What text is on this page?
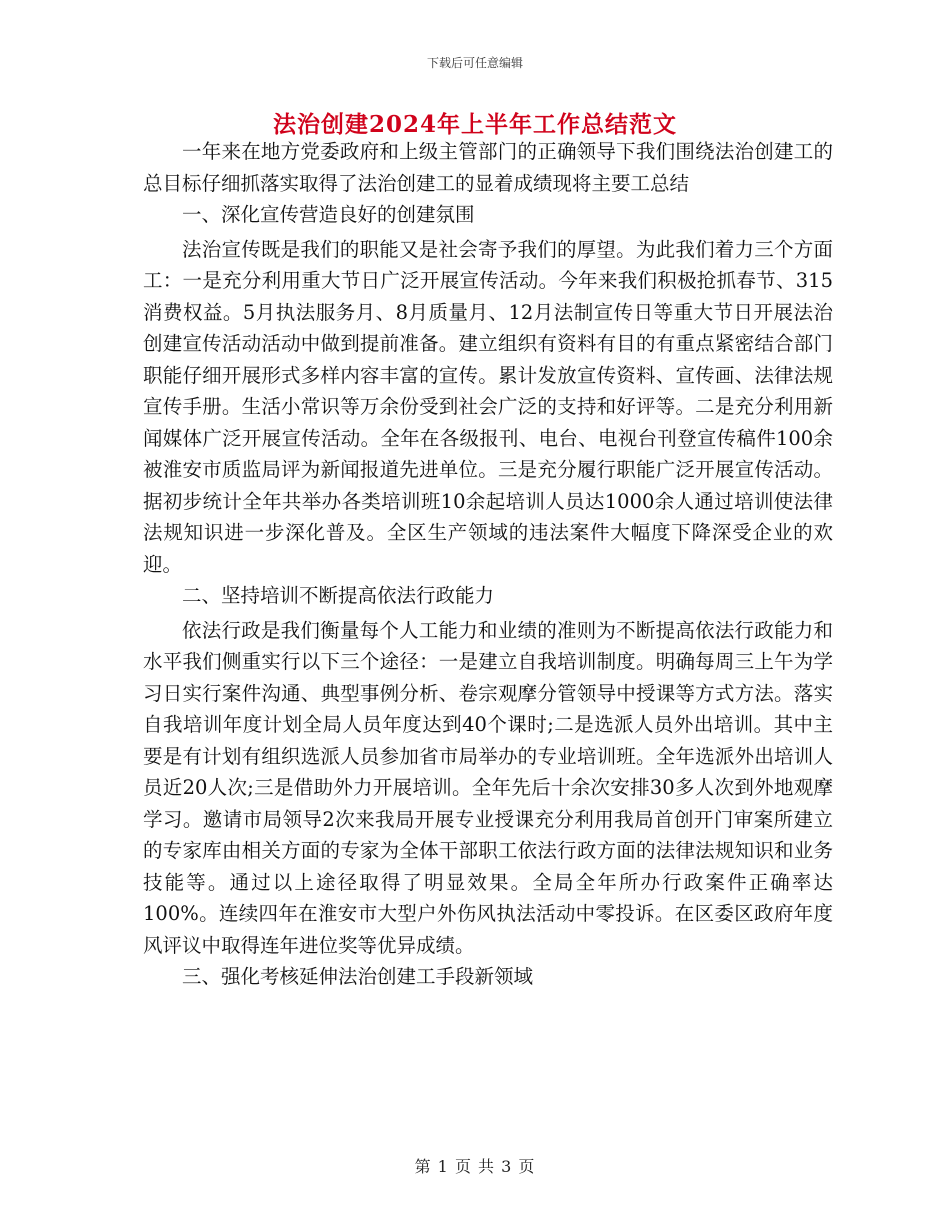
下载后可任意编辑
法治创建2024年上半年工作总结范文

一年来在地方党委政府和上级主管部门的正确领导下我们围绕法治创建工的总目标仔细抓落实取得了法治创建工的显着成绩现将主要工总结

一、深化宣传营造良好的创建氛围

法治宣传既是我们的职能又是社会寄予我们的厚望。为此我们着力三个方面工：一是充分利用重大节日广泛开展宣传活动。今年来我们积极抢抓春节、315消费权益。5月执法服务月、8月质量月、12月法制宣传日等重大节日开展法治创建宣传活动活动中做到提前准备。建立组织有资料有目的有重点紧密结合部门职能仔细开展形式多样内容丰富的宣传。累计发放宣传资料、宣传画、法律法规宣传手册。生活小常识等万余份受到社会广泛的支持和好评等。二是充分利用新闻媒体广泛开展宣传活动。全年在各级报刊、电台、电视台刊登宣传稿件100余被淮安市质监局评为新闻报道先进单位。三是充分履行职能广泛开展宣传活动。据初步统计全年共举办各类培训班10余起培训人员达1000余人通过培训使法律法规知识进一步深化普及。全区生产领域的违法案件大幅度下降深受企业的欢迎。

二、坚持培训不断提高依法行政能力

依法行政是我们衡量每个人工能力和业绩的准则为不断提高依法行政能力和水平我们侧重实行以下三个途径：一是建立自我培训制度。明确每周三上午为学习日实行案件沟通、典型事例分析、卷宗观摩分管领导中授课等方式方法。落实自我培训年度计划全局人员年度达到40个课时;二是选派人员外出培训。其中主要是有计划有组织选派人员参加省市局举办的专业培训班。全年选派外出培训人员近20人次;三是借助外力开展培训。全年先后十余次安排30多人次到外地观摩学习。邀请市局领导2次来我局开展专业授课充分利用我局首创开门审案所建立的专家库由相关方面的专家为全体干部职工依法行政方面的法律法规知识和业务技能等。通过以上途径取得了明显效果。全局全年所办行政案件正确率达100%。连续四年在淮安市大型户外伤风执法活动中零投诉。在区委区政府年度风评议中取得连年进位奖等优异成绩。

三、强化考核延伸法治创建工手段新领域

第 1 页 共 3 页
